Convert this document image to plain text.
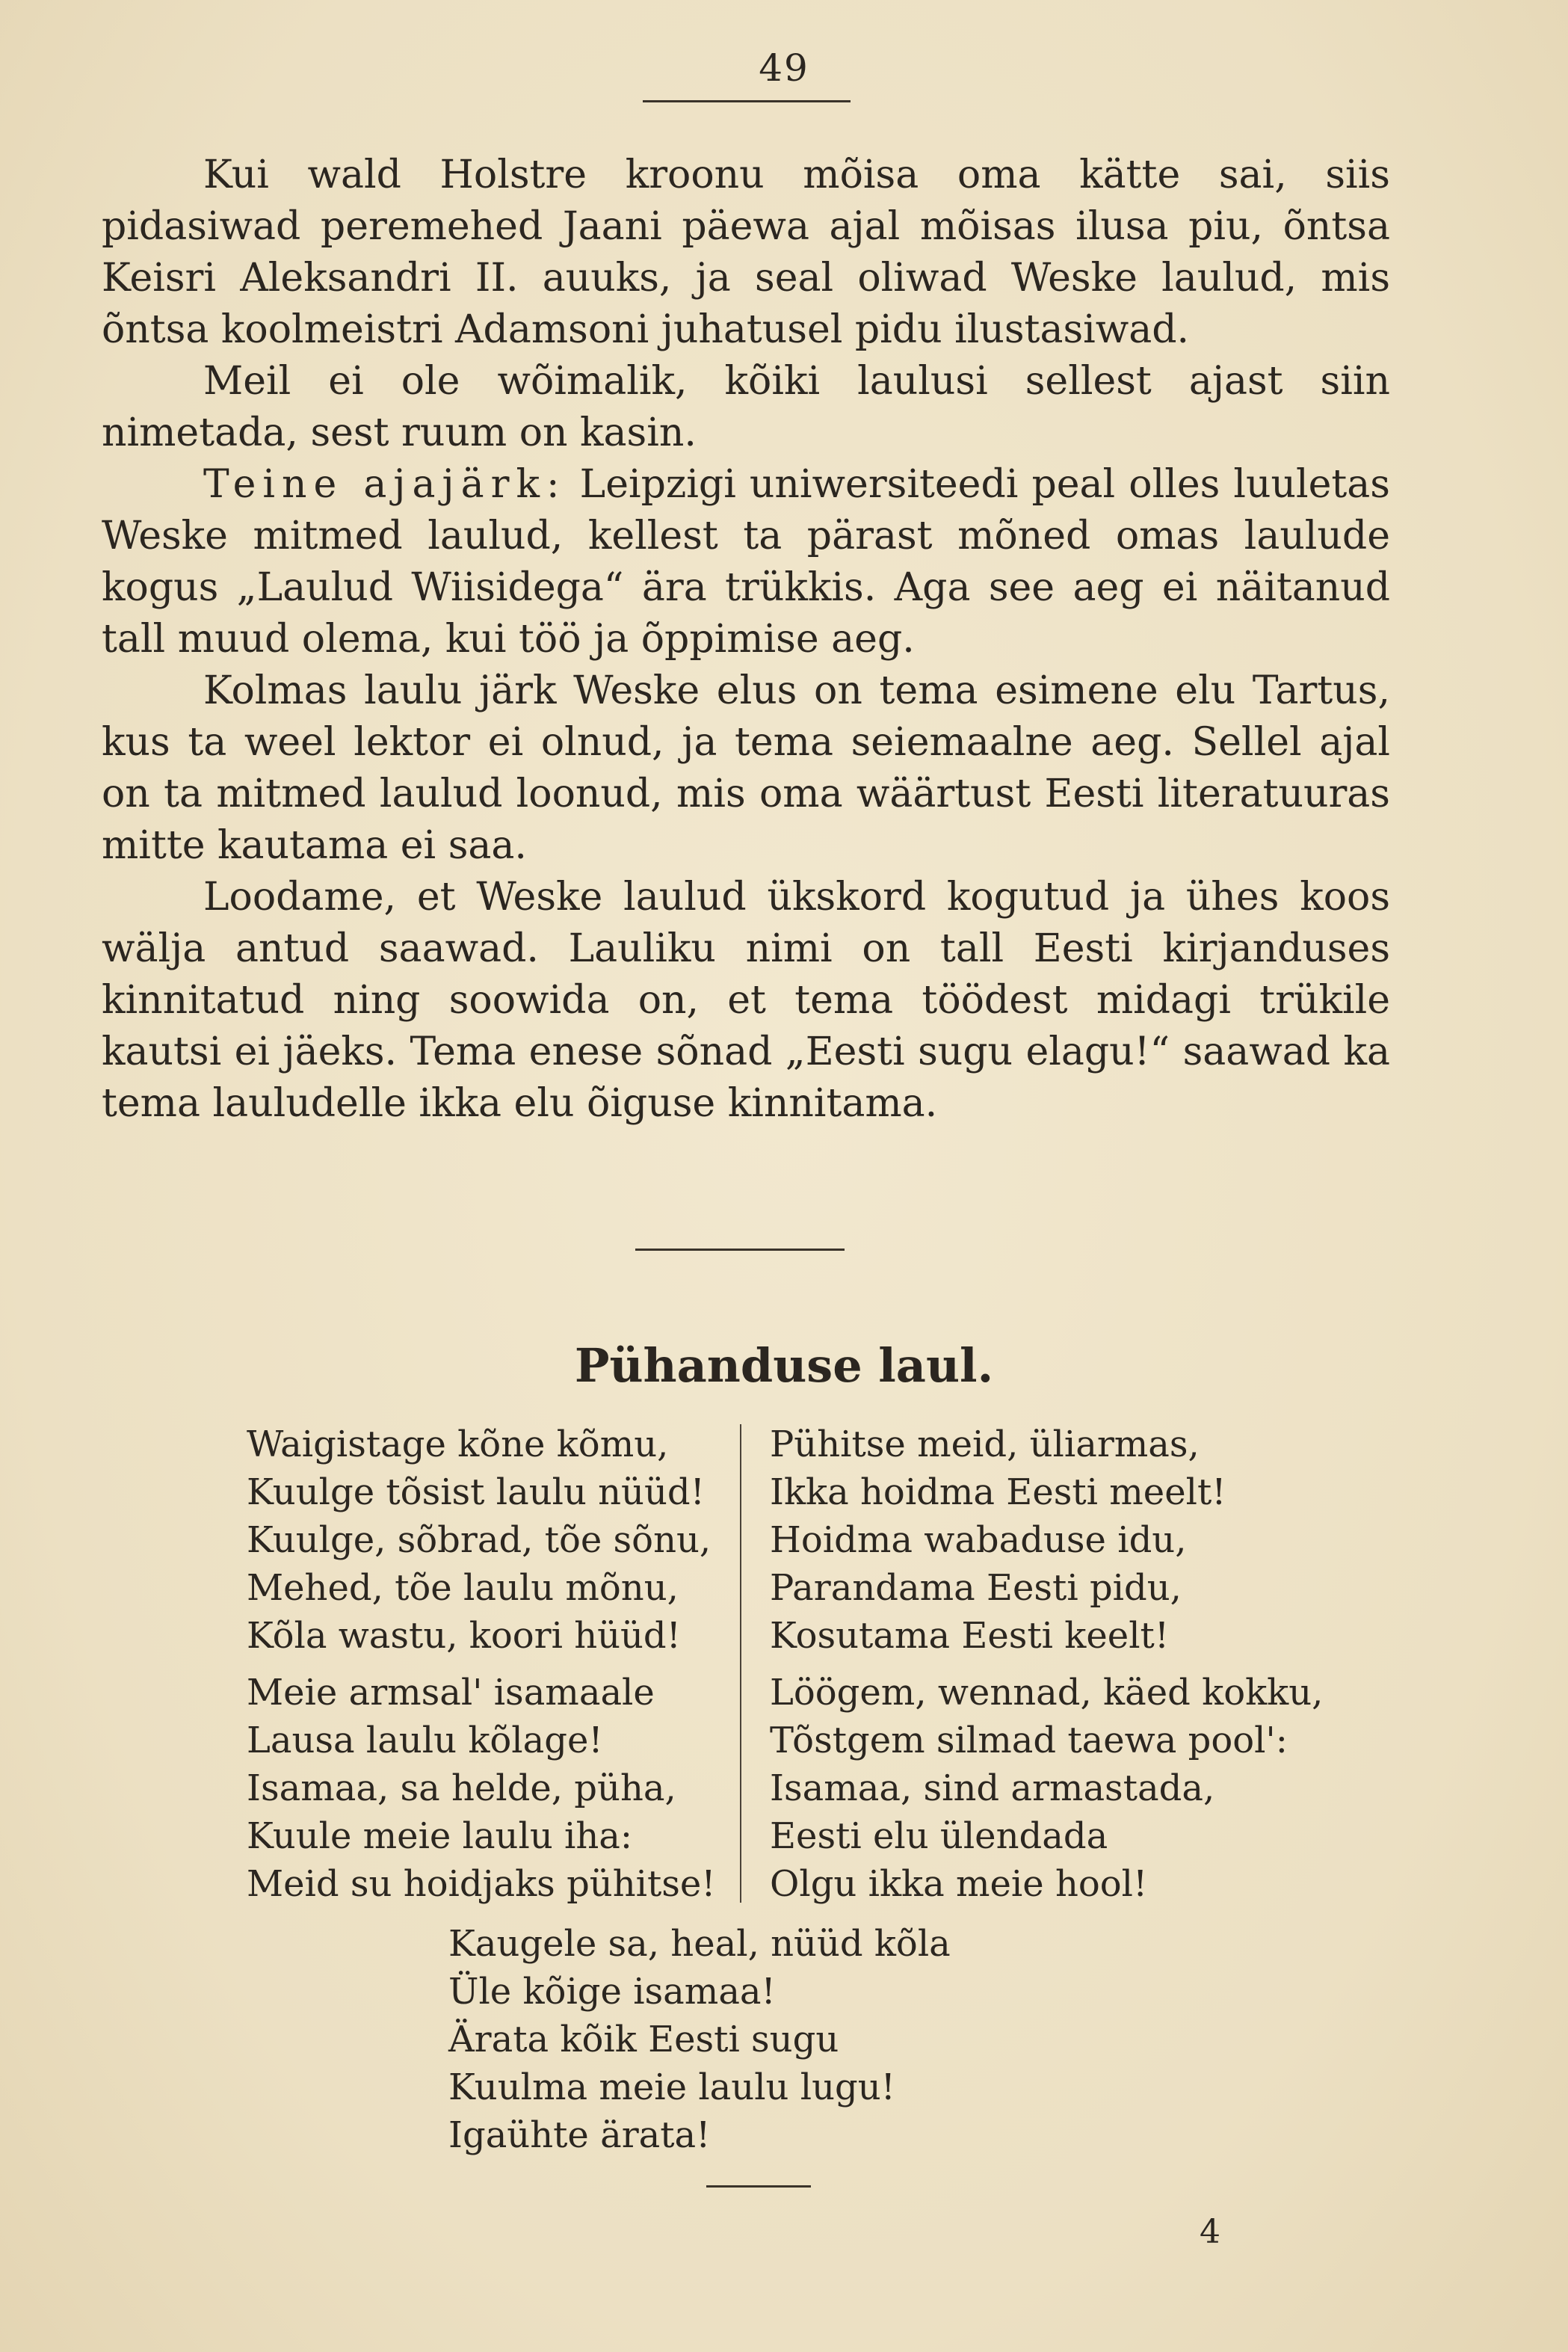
49

Kui wald Holstre kroonu mõisa oma kätte sai, siis pidasiwad peremehed Jaani päewa ajal mõisas ilusa piu, õntsa Keisri Aleksandri II. auuks, ja seal oliwad Weske laulud, mis õntsa koolmeistri Adamsoni juhatusel pidu ilustasiwad.

Meil ei ole wõimalik, kõiki laulusi sellest ajast siin nimetada, sest ruum on kasin.

Teine ajajärk: Leipzigi uniwersiteedi peal olles luuletas Weske mitmed laulud, kellest ta pärast mõned omas laulude kogus „Laulud Wiisidega“ ära trükkis. Aga see aeg ei näitanud tall muud olema, kui töö ja õppimise aeg.

Kolmas laulu järk Weske elus on tema esimene elu Tartus, kus ta weel lektor ei olnud, ja tema seiemaalne aeg. Sellel ajal on ta mitmed laulud loonud, mis oma wäärtust Eesti literatuuras mitte kautama ei saa.

Loodame, et Weske laulud ükskord kogutud ja ühes koos wälja antud saawad. Lauliku nimi on tall Eesti kirjanduses kinnitatud ning soowida on, et tema töödest midagi trükile kautsi ei jäeks. Tema enese sõnad „Eesti sugu elagu!“ saawad ka tema lauludelle ikka elu õiguse kinnitama.

Pühanduse laul.
Waigistage kõne kõmu,
Kuulge tõsist laulu nüüd!
Kuulge, sõbrad, tõe sõnu,
Mehed, tõe laulu mõnu,
Kõla wastu, koori hüüd!
Meie armsal' isamaale
Lausa laulu kõlage!
Isamaa, sa helde, püha,
Kuule meie laulu iha:
Meid su hoidjaks pühitse!
Pühitse meid, üliarmas,
Ikka hoidma Eesti meelt!
Hoidma wabaduse idu,
Parandama Eesti pidu,
Kosutama Eesti keelt!
Löögem, wennad, käed kokku,
Tõstgem silmad taewa pool':
Isamaa, sind armastada,
Eesti elu ülendada
Olgu ikka meie hool!
Kaugele sa, heal, nüüd kõla
Üle kõige isamaa!
Ärata kõik Eesti sugu
Kuulma meie laulu lugu!
Igaühte ärata!
4
